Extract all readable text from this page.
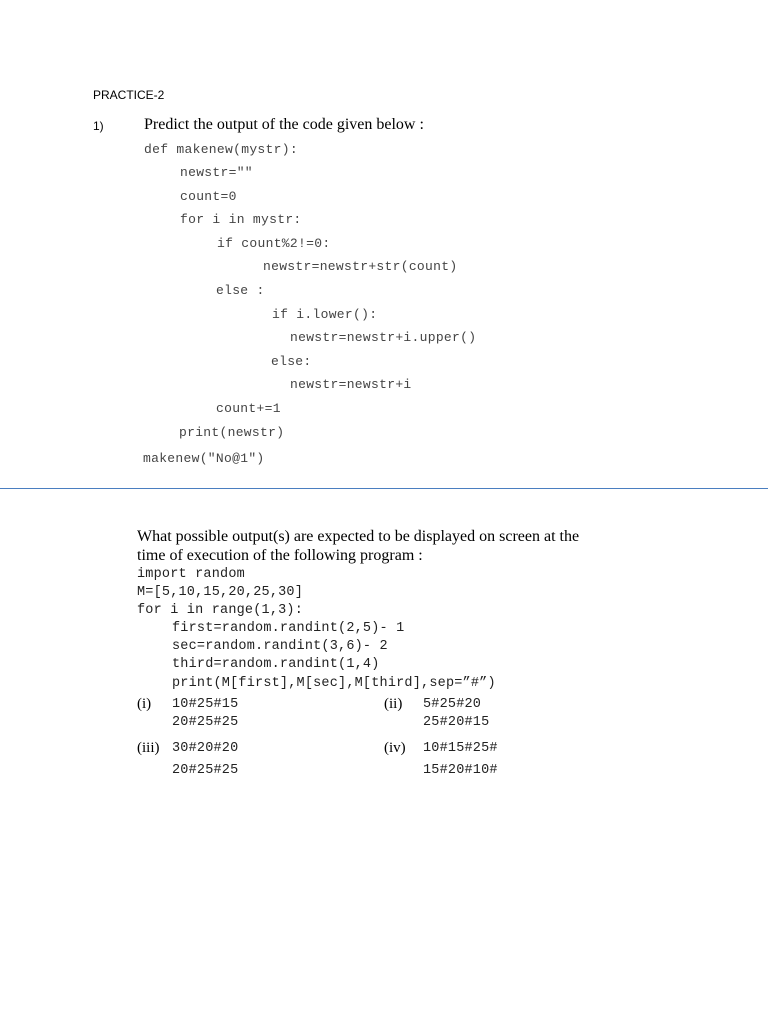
PRACTICE-2
1)	Predict the output of the code given below :
def makenew(mystr):
newstr=""
count=0
for i in mystr:
if count%2!=0:
newstr=newstr+str(count)
else :
if i.lower():
newstr=newstr+i.upper()
else:
newstr=newstr+i
count+=1
print(newstr)
makenew("No@1")
What possible output(s) are expected to be displayed on screen at the
time of execution of the following program :
import random
M=[5,10,15,20,25,30]
for i in range(1,3):
first=random.randint(2,5)- 1
sec=random.randint(3,6)- 2
third=random.randint(1,4)
print(M[first],M[sec],M[third],sep=”#”)
(i) 10#25#15
20#25#25
(ii) 5#25#20
25#20#15
(iii) 30#20#20
20#25#25
(iv) 10#15#25#
15#20#10#
